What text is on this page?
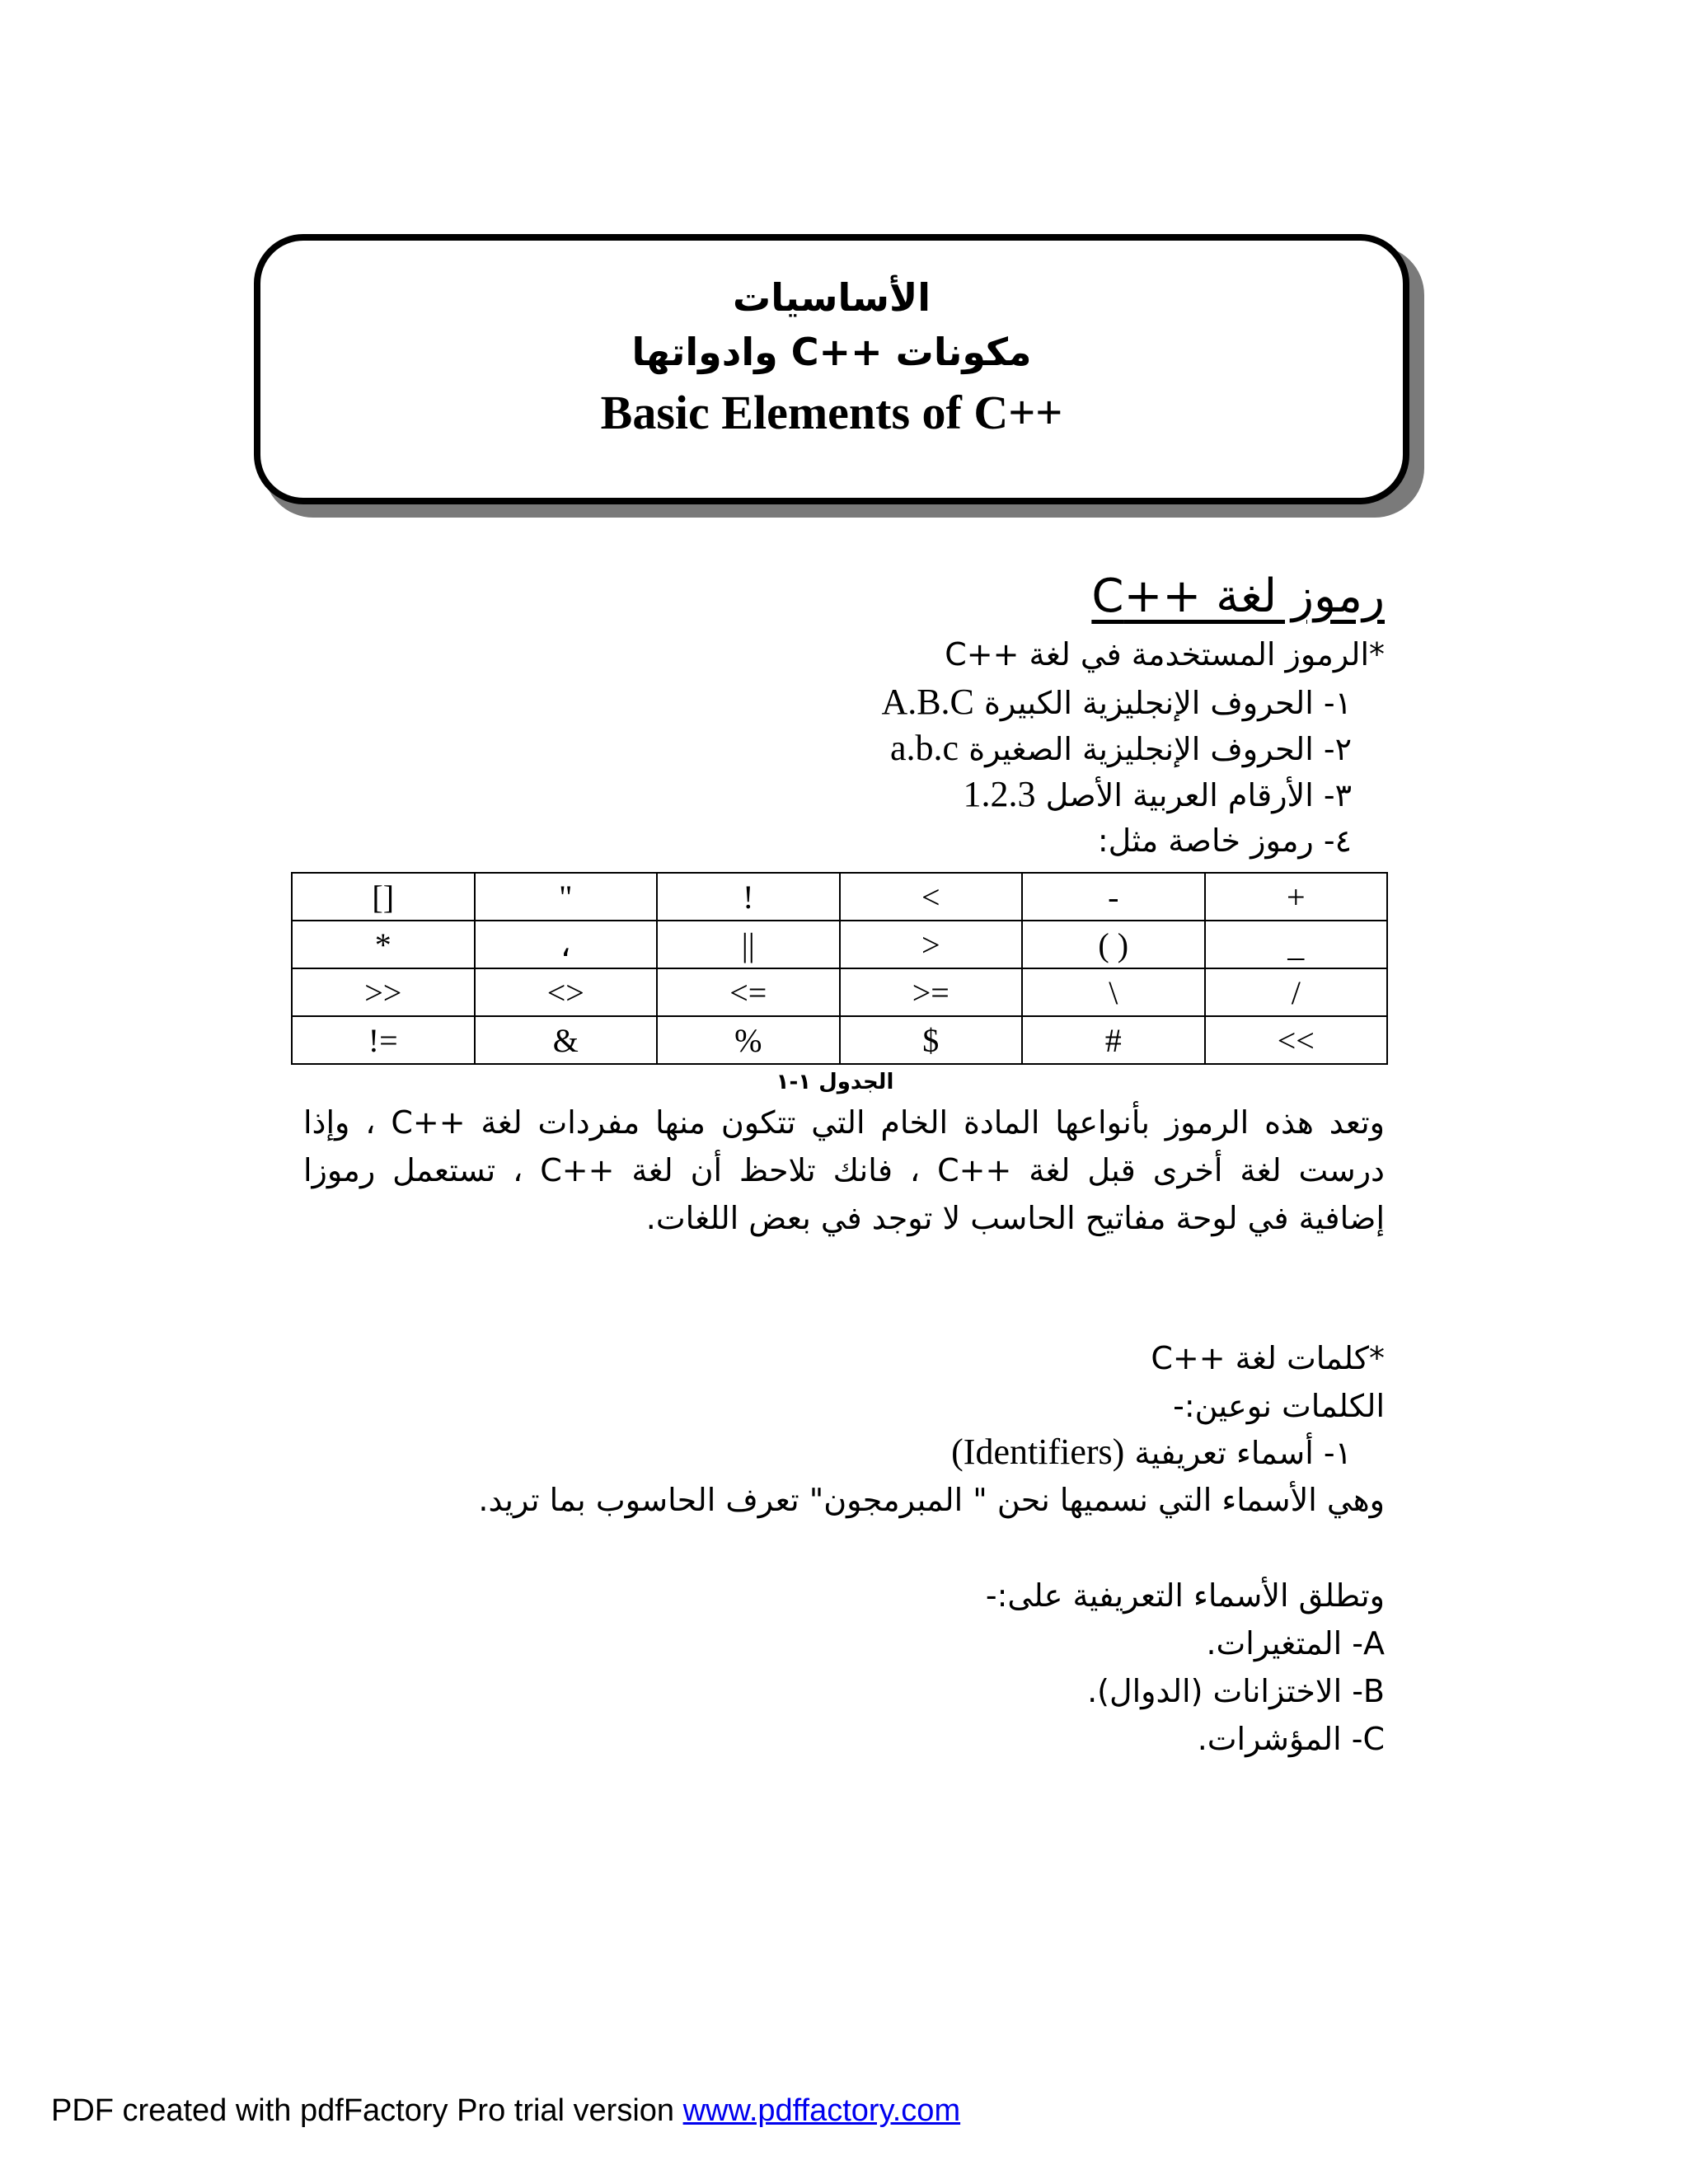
الأساسيات
مكونات ++C وادواتها
Basic Elements of C++
رموز لغة ++C
*الرموز المستخدمة في لغة ++C
١- الحروف الإنجليزية الكبيرة A.B.C
٢- الحروف الإنجليزية الصغيرة a.b.c
٣- الأرقام العربية الأصل 1.2.3
٤- رموز خاصة مثل:
+	-	<	!	"	[]
_	( )	>	||	،	*
/	\	>=	<=	<>	>>
<<	#	$	%	&	!=
الجدول ١-١
وتعد هذه الرموز بأنواعها المادة الخام التي تتكون منها مفردات لغة ++C ، وإذا
درست لغة أخرى قبل لغة ++C ، فانك تلاحظ أن لغة ++C ، تستعمل رموزا
إضافية في لوحة مفاتيح الحاسب لا توجد في بعض اللغات.
*كلمات لغة ++C
الكلمات نوعين:-
١- أسماء تعريفية (Identifiers)
وهي الأسماء التي نسميها نحن " المبرمجون" تعرف الحاسوب بما تريد.
وتطلق الأسماء التعريفية على:-
A- المتغيرات.
B- الاختزانات (الدوال).
C- المؤشرات.
PDF created with pdfFactory Pro trial version www.pdffactory.com
